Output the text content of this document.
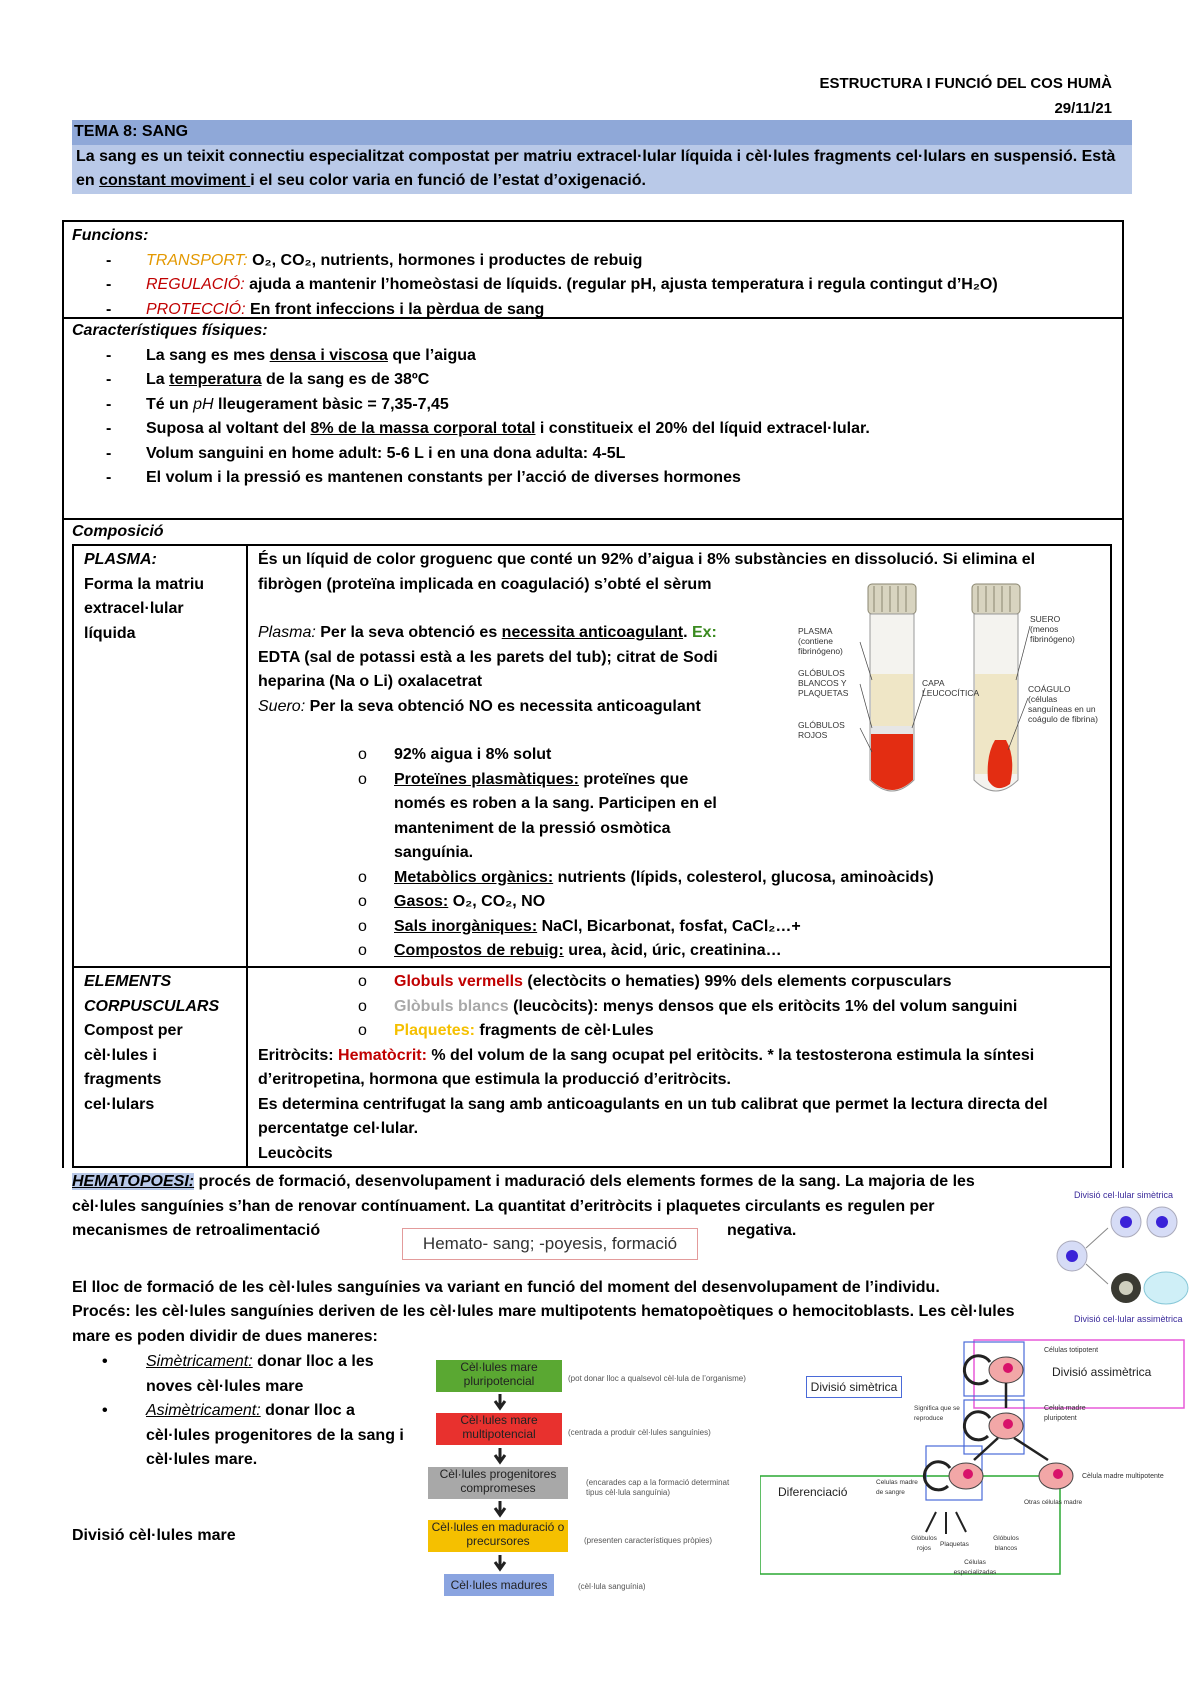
ESTRUCTURA I FUNCIÓ DEL COS HUMÀ
29/11/21
TEMA 8: SANG
La sang es un teixit connectiu especialitzat compostat per matriu extracel·lular líquida i cèl·lules fragments cel·lulars en suspensió. Està en constant moviment i el seu color varia en funció de l’estat d’oxigenació.
Funcions:
- TRANSPORT: O₂, CO₂, nutrients, hormones i productes de rebuig
- REGULACIÓ: ajuda a mantenir l’homeòstasi de líquids. (regular pH, ajusta temperatura i regula contingut d’H₂O)
- PROTECCIÓ: En front infeccions i la pèrdua de sang
Característiques físiques:
- La sang es mes densa i viscosa que l’aigua
- La temperatura de la sang es de 38ºC
- Té un pH lleugerament bàsic = 7,35-7,45
- Suposa al voltant del 8% de la massa corporal total i constitueix el 20% del líquid extracel·lular.
- Volum sanguini en home adult: 5-6 L i en una dona adulta: 4-5L
- El volum i la pressió es mantenen constants per l’acció de diverses hormones
Composició
PLASMA:
Forma la matriu extracel·lular líquida
És un líquid de color groguenc que conté un 92% d’aigua i 8% substàncies en dissolució. Si elimina el fibrògen (proteïna implicada en coagulació) s’obté el sèrum
Plasma: Per la seva obtenció es necessita anticoagulant. Ex:
EDTA (sal de potassi està a les parets del tub); citrat de Sodi heparina (Na o Li) oxalacetrat
Suero: Per la seva obtenció NO es necessita anticoagulant
o 92% aigua i 8% solut
o Proteïnes plasmàtiques: proteïnes que només es roben a la sang. Participen en el manteniment de la pressió osmòtica sanguínia.
o Metabòlics orgànics: nutrients (lípids, colesterol, glucosa, aminoàcids)
o Gasos: O₂, CO₂, NO
o Sals inorgàniques: NaCl, Bicarbonat, fosfat, CaCl₂…+
o Compostos de rebuig: urea, àcid, úric, creatinina…
PLASMA
(contiene
fibrinógeno)
GLÓBULOS
BLANCOS Y
PLAQUETAS
CAPA
LEUCOCÍTICA
GLÓBULOS
ROJOS
SUERO
(menos
fibrinógeno)
COÁGULO
(células
sanguíneas en un
coágulo de fibrina)
ELEMENTS CORPUSCULARS
Compost per cèl·lules i fragments cel·lulars
o Globuls vermells (electòcits o hematies) 99% dels elements corpusculars
o Glòbuls blancs (leucòcits): menys densos que els eritòcits 1% del volum sanguini
o Plaquetes: fragments de cèl·Lules
Eritròcits: Hematòcrit: % del volum de la sang ocupat pel eritòcits. * la testosterona estimula la síntesi d’eritropetina, hormona que estimula la producció d’eritròcits.
Es determina centrifugat la sang amb anticoagulants en un tub calibrat que permet la lectura directa del percentatge cel·lular.
Leucòcits
HEMATOPOESI: procés de formació, desenvolupament i maduració dels elements formes de la sang. La majoria de les cèl·lules sanguínies s’han de renovar contínuament. La quantitat d’eritròcits i plaquetes circulants es regulen per mecanismes de retroalimentació	negativa.
Hemato- sang; -poyesis, formació
El lloc de formació de les cèl·lules sanguínies va variant en funció del moment del desenvolupament de l’individu.
Procés: les cèl·lules sanguínies deriven de les cèl·lules mare multipotents hematopoètiques o hemocitoblasts. Les cèl·lules mare es poden dividir de dues maneres:
• Simètricament: donar lloc a les noves cèl·lules mare
• Asimètricament: donar lloc a cèl·lules progenitores de la sang i cèl·lules mare.
Divisió cèl·lules mare
Divisió cel·lular simètrica
Divisió cel·lular assimètrica
Cèl·lules mare pluripotencial	(pot donar lloc a qualsevol cèl·lula de l’organisme)
Cèl·lules mare multipotencial	(centrada a produir cèl·lules sanguínies)
Cèl·lules progenitores compromeses	(encarades cap a la formació determinat tipus cèl·lula sanguínia)
Cèl·lules en maduració o precursores	(presenten característiques pròpies)
Cèl·lules madures	(cèl·lula sanguínia)
Divisió simètrica
Divisió assimètrica
Diferenciació
Células totipotent
Celula madre pluripotent
Cèlula madre multipotente
Significa que se reproduce
Celulas madre de sangre
Otras células madre
Glóbulos rojos
Plaquetas
Glóbulos blancos
Células especializadas
